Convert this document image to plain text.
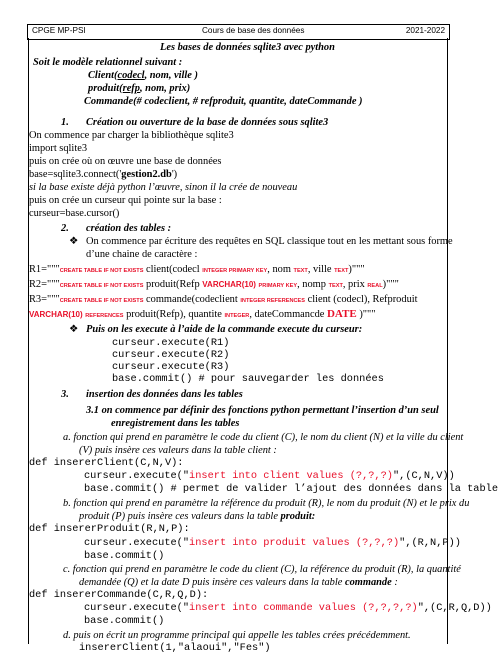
CPGE MP-PSI	Cours de base des données	2021-2022
Les bases de données sqlite3 avec python
Soit le modèle relationnel suivant :
Client(codecl, nom, ville )
produit(refp, nom, prix)
Commande(# codeclient, # refproduit, quantite, dateCommande )
1. Création ou ouverture de la base de données sous sqlite3
On commence par charger la bibliothèque sqlite3
import sqlite3
puis on crée où on œuvre une base de données
base=sqlite3.connect('gestion2.db')
si la base existe déjà python l’œuvre, sinon il la crée de nouveau
puis on crée un curseur qui pointe sur la base :
curseur=base.cursor()
2. création des tables :
❖ On commence par écriture des requêtes en SQL classique tout en les mettant sous forme
d’une chaine de caractère :
R1="""CREATE TABLE IF NOT EXISTS client(codecl INTEGER PRIMARY KEY, nom TEXT, ville TEXT)"""
R2="""CREATE TABLE IF NOT EXISTS produit(Refp VARCHAR(10) PRIMARY KEY, nomp TEXT, prix REAL)"""
R3="""CREATE TABLE IF NOT EXISTS commande(codeclient INTEGER REFERENCES client (codecl), Refproduit
VARCHAR(10) REFERENCES produit(Refp), quantite INTEGER, dateCommancde DATE )"""
❖ Puis on les execute à l’aide de la commande execute du curseur:
curseur.execute(R1)
curseur.execute(R2)
curseur.execute(R3)
base.commit() # pour sauvegarder les données
3. insertion des données dans les tables
3.1 on commence par définir des fonctions python permettant l’insertion d’un seul
enregistrement dans les tables
a. fonction qui prend en paramètre le code du client (C), le nom du client (N) et la ville du client
(V) puis insère ces valeurs dans la table client :
def insererClient(C,N,V):
curseur.execute("insert into client values (?,?,?)",(C,N,V))
base.commit() # permet de valider l’ajout des données dans la table
b. fonction qui prend en paramètre la référence du produit (R), le nom du produit (N) et le prix du
produit (P) puis insère ces valeurs dans la table produit:
def insererProduit(R,N,P):
curseur.execute("insert into produit values (?,?,?)",(R,N,P))
base.commit()
c. fonction qui prend en paramètre le code du client (C), la référence du produit (R), la quantité
demandée (Q) et la date D puis insère ces valeurs dans la table commande :
def insererCommande(C,R,Q,D):
curseur.execute("insert into commande values (?,?,?,?)",(C,R,Q,D))
base.commit()
d. puis on écrit un programme principal qui appelle les tables crées précédemment.
insererClient(1,"alaoui","Fes")
